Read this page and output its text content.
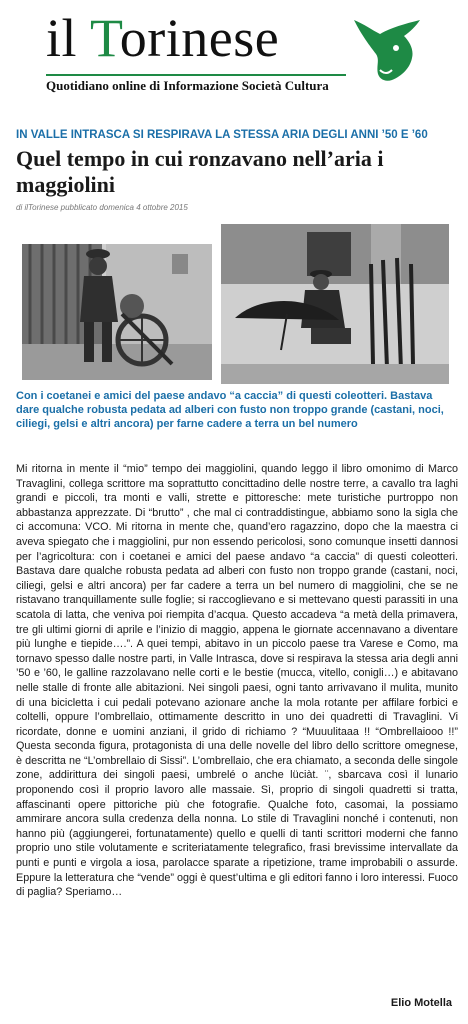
il Torinese
Quotidiano online di Informazione Società Cultura
IN VALLE INTRASCA SI RESPIRAVA LA STESSA ARIA DEGLI ANNI ’50 E ’60
Quel tempo in cui ronzavano nell’aria i maggiolini
di ilTorinese pubblicato domenica 4 ottobre 2015
Con i coetanei e amici del paese andavo “a caccia” di questi coleotteri. Bastava dare qualche robusta pedata ad alberi con fusto non troppo grande (castani, noci, ciliegi, gelsi e altri ancora) per farne cadere a terra un bel numero

Mi ritorna in mente il “mio” tempo dei maggiolini, quando leggo il libro omonimo di Marco Travaglini, collega scrittore ma soprattutto concittadino delle nostre terre, a cavallo tra laghi grandi e piccoli, tra monti e valli, strette e pittoresche: mete turistiche purtroppo non abbastanza apprezzate. Di “brutto” , che mal ci contraddistingue, abbiamo sono la sigla che ci accomuna: VCO. Mi ritorna in mente che, quand’ero ragazzino, dopo che la maestra ci aveva spiegato che i maggiolini, pur non essendo pericolosi, sono comunque insetti dannosi per l’agricoltura: con i coetanei e amici del paese andavo “a caccia” di questi coleotteri. Bastava dare qualche robusta pedata ad alberi con fusto non troppo grande (castani, noci, ciliegi, gelsi e altri ancora) per far cadere a terra un bel numero di maggiolini, che se ne ristavano tranquillamente sulle foglie; si raccoglievano e si mettevano questi parassiti in una scatola di latta, che veniva poi riempita d’acqua. Questo accadeva “a metà della primavera, tre gli ultimi giorni di aprile e l’inizio di maggio, appena le giornate accennavano a diventare più lunghe e tiepide….”. A quei tempi, abitavo in un piccolo paese tra Varese e Como, ma tornavo spesso dalle nostre parti, in Valle Intrasca, dove si respirava la stessa aria degli anni ’50 e ’60, le galline razzolavano nelle corti e le bestie (mucca, vitello, conigli…) e abitavano nelle stalle di fronte alle abitazioni. Nei singoli paesi, ogni tanto arrivavano il mulita, munito di una bicicletta i cui pedali potevano azionare anche la mola rotante per affilare forbici e coltelli, oppure l’ombrellaio, ottimamente descritto in uno dei quadretti di Travaglini. Vi ricordate, donne e uomini anziani, il grido di richiamo ? “Muuulitaaa !! “Ombrellaiooo !!” Questa seconda figura, protagonista di una delle novelle del libro dello scrittore omegnese, è descritta ne “L’ombrellaio di Sissi”. L’ombrellaio, che era chiamato, a seconda delle singole zone, addirittura dei singoli paesi, umbrelé o anche lüciàt. ¨, sbarcava così il lunario proponendo così il proprio lavoro alle massaie. Sì, proprio di singoli quadretti si tratta, affascinanti opere pittoriche più che fotografie. Qualche foto, casomai, la possiamo ammirare ancora sulla credenza della nonna. Lo stile di Travaglini nonché i contenuti, non hanno più (aggiungerei, fortunatamente) quello e quelli di tanti scrittori moderni che fanno proprio uno stile volutamente e scriteriatamente telegrafico, frasi brevissime intervallate da punti e punti e virgola a iosa, parolacce sparate a ripetizione, trame improbabili o assurde. Eppure la letteratura che “vende” oggi è quest’ultima e gli editori fanno i loro interessi. Fuoco di paglia? Speriamo…

Elio Motella
